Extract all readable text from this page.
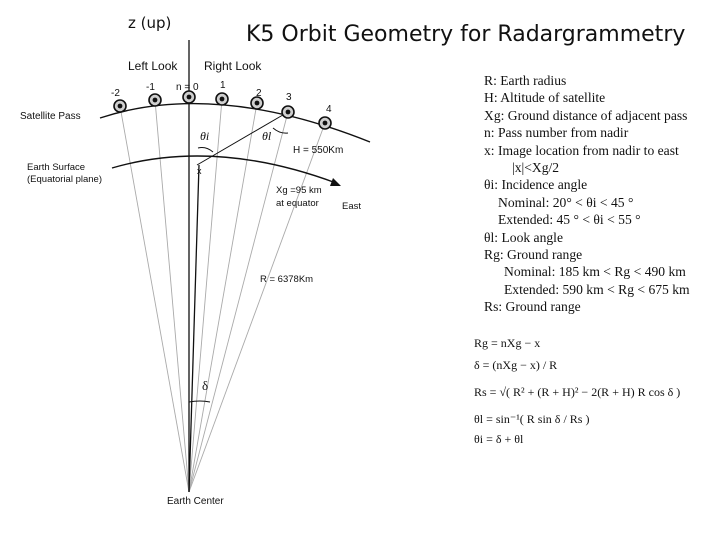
K5 Orbit Geometry for Radargrammetry
z (up)
Left Look Right Look
Satellite Pass
Earth Surface
(Equatorial plane)
Earth Center
East
-2
-1 n = 0 1
2 3
4
θi	θl
H = 550Km
x
Xg =95 km
at equator
R = 6378Km
δ
R: Earth radius
H: Altitude of satellite
Xg: Ground distance of adjacent pass
n: Pass number from nadir
x: Image location from nadir to east
|x|<Xg/2
θi: Incidence angle
Nominal: 20° < θi < 45 °
Extended: 45 ° < θi < 55 °
θl: Look angle
Rg: Ground range
Nominal: 185 km < Rg < 490 km
Extended: 590 km < Rg < 675 km
Rs: Ground range
Rg = nXg − x
δ = (nXg − x) / R
Rs = √( R² + (R + H)² − 2(R + H) R cos δ )
θl = sin⁻¹( R sin δ / Rs )
θi = δ + θl
